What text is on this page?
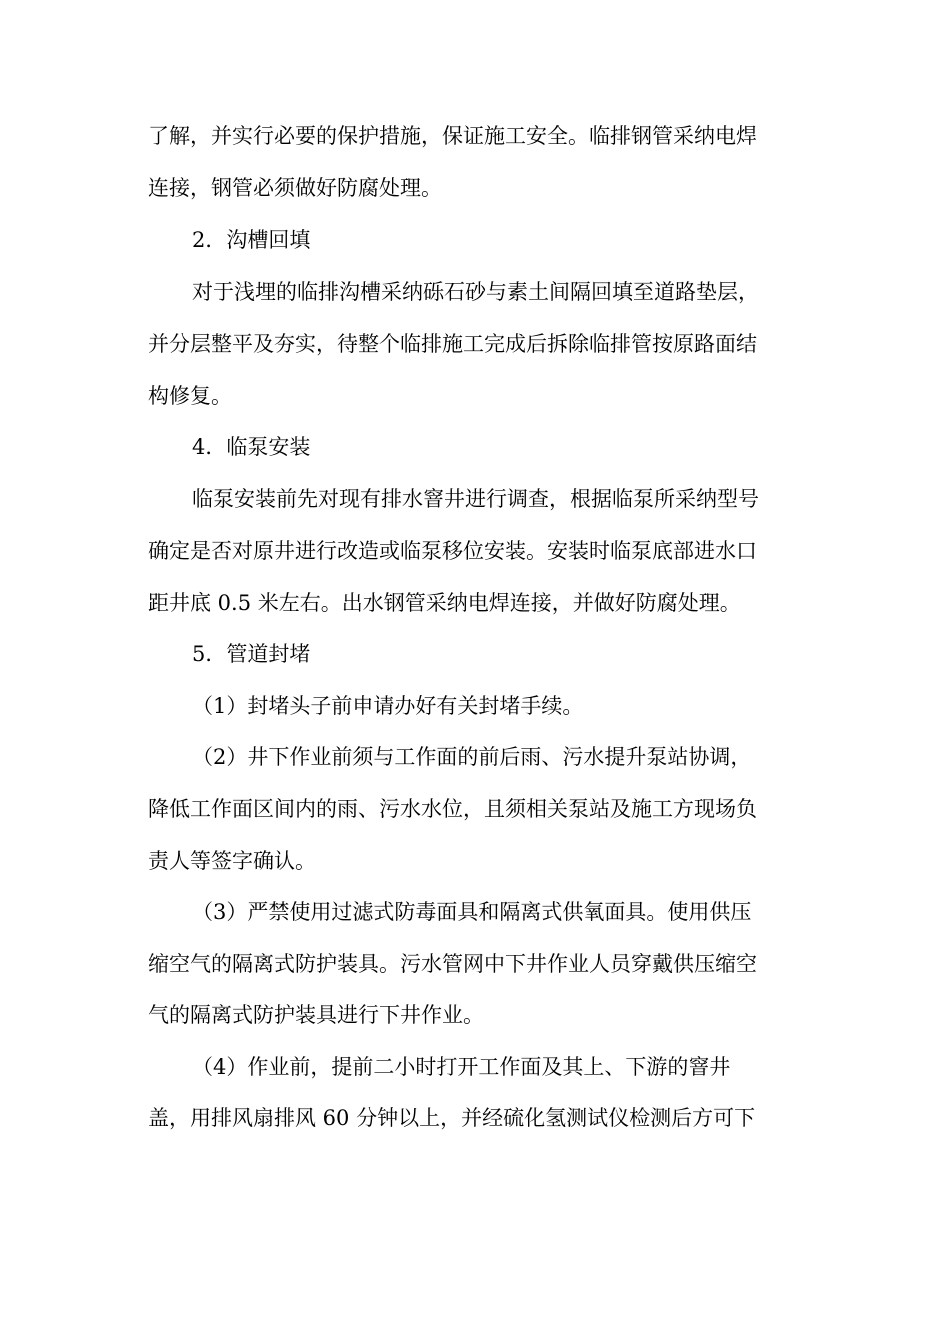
了解，并实行必要的保护措施，保证施工安全。临排钢管采纳电焊
连接，钢管必须做好防腐处理。
2．沟槽回填
对于浅埋的临排沟槽采纳砾石砂与素土间隔回填至道路垫层，
并分层整平及夯实，待整个临排施工完成后拆除临排管按原路面结
构修复。
4．临泵安装
临泵安装前先对现有排水窨井进行调查，根据临泵所采纳型号
确定是否对原井进行改造或临泵移位安装。安装时临泵底部进水口
距井底 0.5 米左右。出水钢管采纳电焊连接，并做好防腐处理。
5．管道封堵
（1）封堵头子前申请办好有关封堵手续。
（2）井下作业前须与工作面的前后雨、污水提升泵站协调，
降低工作面区间内的雨、污水水位，且须相关泵站及施工方现场负
责人等签字确认。
（3）严禁使用过滤式防毒面具和隔离式供氧面具。使用供压
缩空气的隔离式防护装具。污水管网中下井作业人员穿戴供压缩空
气的隔离式防护装具进行下井作业。
（4）作业前，提前二小时打开工作面及其上、下游的窨井
盖，用排风扇排风 60 分钟以上，并经硫化氢测试仪检测后方可下
